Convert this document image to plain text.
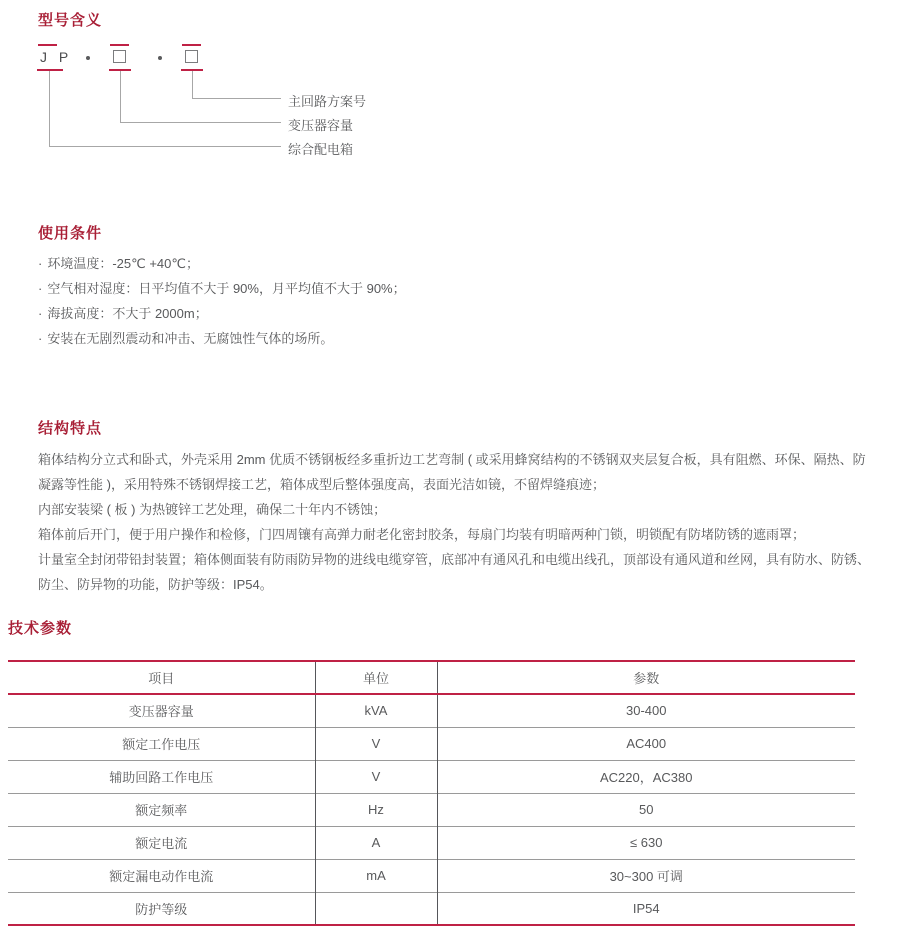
型号含义
J P
主回路方案号
变压器容量
综合配电箱
使用条件
· 环境温度：-25℃ +40℃；
· 空气相对湿度：日平均值不大于 90%，月平均值不大于 90%；
· 海拔高度：不大于 2000m；
· 安装在无剧烈震动和冲击、无腐蚀性气体的场所。
结构特点

箱体结构分立式和卧式，外壳采用 2mm 优质不锈钢板经多重折边工艺弯制 ( 或采用蜂窝结构的不锈钢双夹层复合板，具有阻燃、环保、隔热、防凝露等性能 )，采用特殊不锈钢焊接工艺，箱体成型后整体强度高，表面光洁如镜，不留焊缝痕迹；

内部安装梁 ( 板 ) 为热镀锌工艺处理，确保二十年内不锈蚀；

箱体前后开门，便于用户操作和检修，门四周镶有高弹力耐老化密封胶条，每扇门均装有明暗两种门锁，明锁配有防堵防锈的遮雨罩；

计量室全封闭带铅封装置；箱体侧面装有防雨防异物的进线电缆穿管，底部冲有通风孔和电缆出线孔，顶部设有通风道和丝网，具有防水、防锈、防尘、防异物的功能，防护等级：IP54。

技术参数
项目	单位	参数
变压器容量	kVA	30-400
额定工作电压	V	AC400
辅助回路工作电压	V	AC220，AC380
额定频率	Hz	50
额定电流	A	≤ 630
额定漏电动作电流	mA	30~300 可调
防护等级		IP54
